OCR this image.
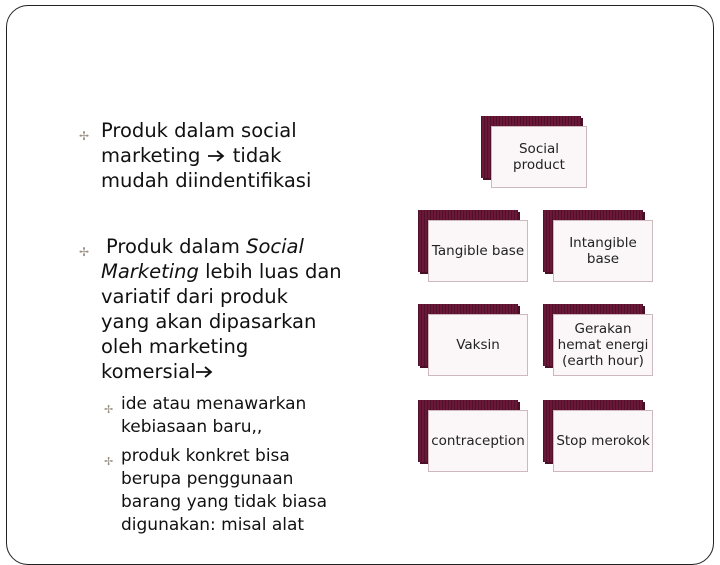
✢ Produk dalam social
marketing  tidak
mudah diindentifikasi
✢ Produk dalam Social
Marketing lebih luas dan
variatif dari produk
yang akan dipasarkan
oleh marketing
komersial
✢ ide atau menawarkan
kebiasaan baru,,
✢ produk konkret bisa
berupa penggunaan
barang yang tidak biasa
digunakan: misal alat
Social product
Tangible base	Intangible base
Vaksin
Gerakan hemat energi (earth hour)
contraception Stop merokok
